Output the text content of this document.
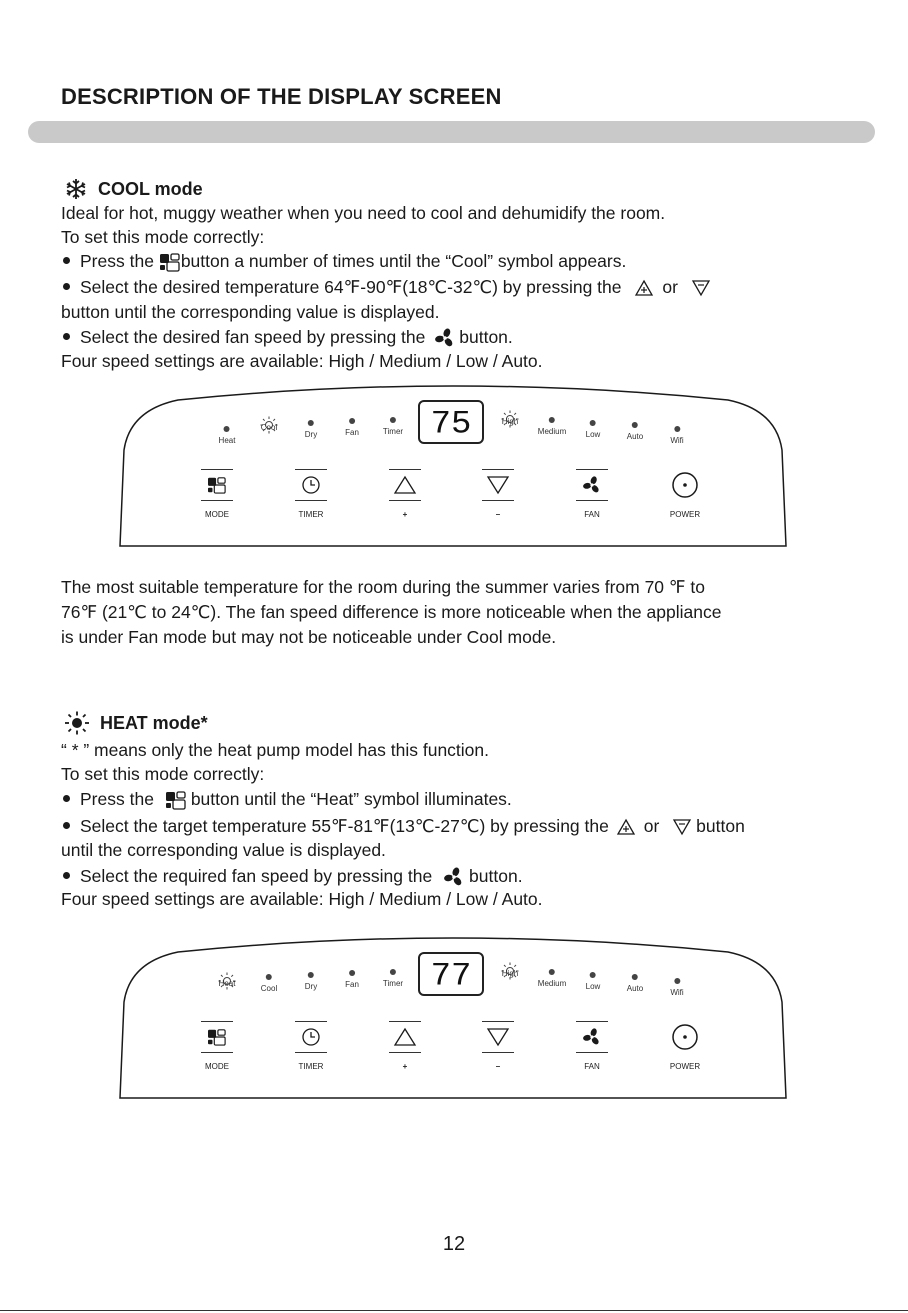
DESCRIPTION OF THE DISPLAY SCREEN
COOL mode
Ideal for hot, muggy weather when you need to cool and dehumidify the room.
To set this mode correctly:
Press the button a number of times until the “Cool” symbol appears.
Select the desired temperature 64℉-90℉(18℃-32℃) by pressing the or
button until the corresponding value is displayed.
Select the desired fan speed by pressing the button.
Four speed settings are available: High / Medium / Low / Auto.
Heat
Cool
Dry	Fan	Timer 75	High
Medium Low	Auto	Wifi
MODE	TIMER	+	–	FAN	POWER
The most suitable temperature for the room during the summer varies from 70 ℉ to
76℉ (21℃ to 24℃). The fan speed difference is more noticeable when the appliance
is under Fan mode but may not be noticeable under Cool mode.
HEAT mode*
“ * ” means only the heat pump model has this function.
To set this mode correctly:
Press the button until the “Heat” symbol illuminates.
Select the target temperature 55℉-81℉(13℃-27℃) by pressing the or button
until the corresponding value is displayed.
Select the required fan speed by pressing the button.
Four speed settings are available: High / Medium / Low / Auto.
Heat
Cool	Dry	Fan	Timer 77	High
Medium Low	Auto	Wifi
MODE	TIMER	+	–	FAN	POWER
12
